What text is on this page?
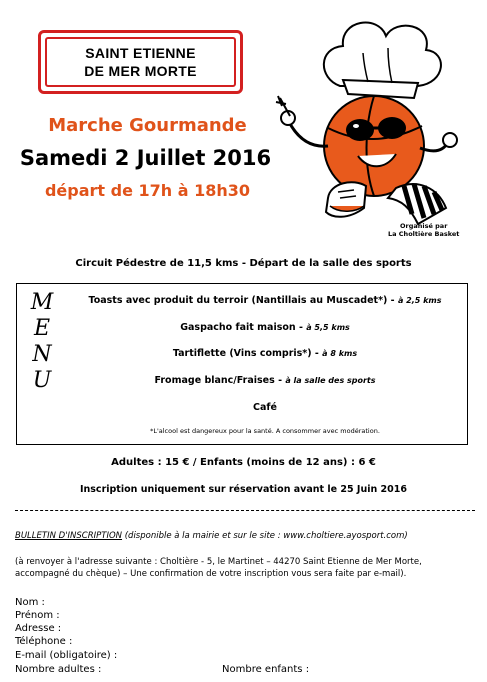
SAINT ETIENNE
DE MER MORTE
Marche Gourmande
Samedi 2 Juillet 2016
départ de 17h à 18h30
Organisé par
La Choltière Basket
Circuit Pédestre de 11,5 kms - Départ de la salle des sports
M
E
N
U
Toasts avec produit du terroir (Nantillais au Muscadet*) - à 2,5 kms
Gaspacho fait maison - à 5,5 kms
Tartiflette (Vins compris*) - à 8 kms
Fromage blanc/Fraises - à la salle des sports
Café
*L'alcool est dangereux pour la santé. A consommer avec modération.
Adultes : 15 € / Enfants (moins de 12 ans) : 6 €
Inscription uniquement sur réservation avant le 25 Juin 2016
BULLETIN D'INSCRIPTION (disponible à la mairie et sur le site : www.choltiere.ayosport.com)
(à renvoyer à l'adresse suivante : Choltière - 5, le Martinet – 44270 Saint Etienne de Mer Morte, accompagné du chèque) – Une confirmation de votre inscription vous sera faite par e-mail).
Nom :
Prénom :
Adresse :
Téléphone :
E-mail (obligatoire) :
Nombre adultes :	Nombre enfants :
